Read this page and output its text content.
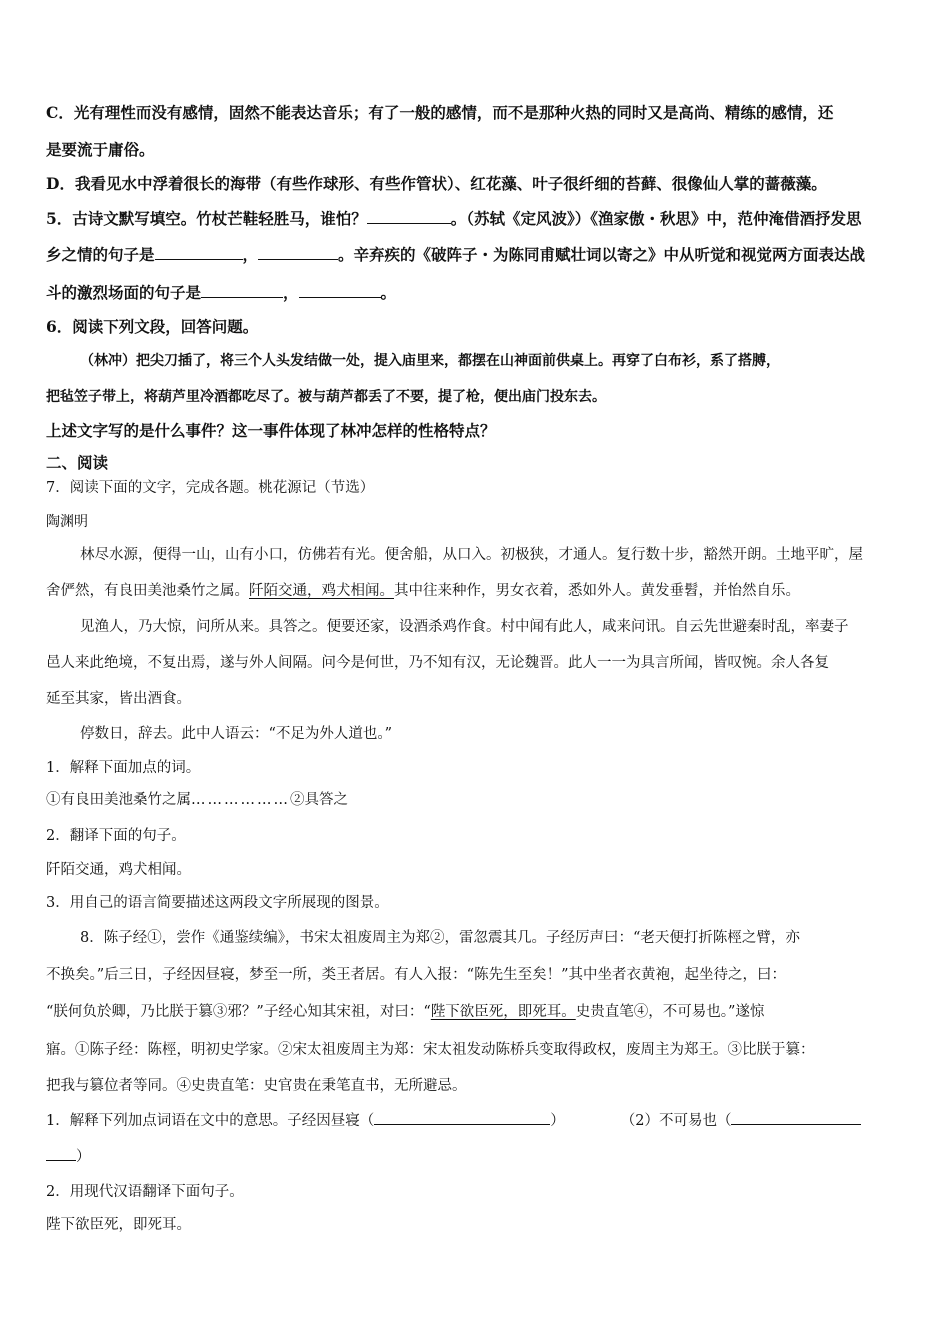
C．光有理性而没有感情，固然不能表达音乐；有了一般的感情，而不是那种火热的同时又是高尚、精练的感情，还
是要流于庸俗。
D．我看见水中浮着很长的海带（有些作球形、有些作管状）、红花藻、叶子很纤细的苔藓、很像仙人掌的蔷薇藻。
5．古诗文默写填空。竹杖芒鞋轻胜马，谁怕？	。（苏轼《定风波》）《渔家傲・秋思》中，范仲淹借酒抒发思
乡之情的句子是	，	。辛弃疾的《破阵子・为陈同甫赋壮词以寄之》中从听觉和视觉两方面表达战
斗的激烈场面的句子是	，	。
6．阅读下列文段，回答问题。
（林冲）把尖刀插了，将三个人头发结做一处，提入庙里来，都摆在山神面前供桌上。再穿了白布衫，系了搭膊，
把毡笠子带上，将葫芦里冷酒都吃尽了。被与葫芦都丢了不要，提了枪，便出庙门投东去。
上述文字写的是什么事件？这一事件体现了林冲怎样的性格特点？
二、阅读
7．阅读下面的文字，完成各题。桃花源记（节选）
陶渊明
林尽水源，便得一山，山有小口，仿佛若有光。便舍船，从口入。初极狭，才通人。复行数十步，豁然开朗。土地平旷，屋
舍俨然，有良田美池桑竹之属。阡陌交通，鸡犬相闻。其中往来种作，男女衣着，悉如外人。黄发垂髫，并怡然自乐。
见渔人，乃大惊，问所从来。具答之。便要还家，设酒杀鸡作食。村中闻有此人，咸来问讯。自云先世避秦时乱，率妻子
邑人来此绝境，不复出焉，遂与外人间隔。问今是何世，乃不知有汉，无论魏晋。此人一一为具言所闻，皆叹惋。余人各复
延至其家，皆出酒食。
停数日，辞去。此中人语云：“不足为外人道也。”
1．解释下面加点的词。
①有良田美池桑竹之属………………②具答之
2．翻译下面的句子。
阡陌交通，鸡犬相闻。
3．用自己的语言简要描述这两段文字所展现的图景。
8．陈子经①，尝作《通鉴续编》，书宋太祖废周主为郑②，雷忽震其几。子经厉声曰：“老天便打折陈桱之臂，亦
不换矣。”后三日，子经因昼寝，梦至一所，类王者居。有人入报：“陈先生至矣！”其中坐者衣黄袍，起坐待之，曰：
“朕何负於卿，乃比朕于篡③邪？”子经心知其宋祖，对曰：“陛下欲臣死，即死耳。史贵直笔④，不可易也。”遂惊
寤。①陈子经：陈桱，明初史学家。②宋太祖废周主为郑：宋太祖发动陈桥兵变取得政权，废周主为郑王。③比朕于篡：
把我与篡位者等同。④史贵直笔：史官贵在秉笔直书，无所避忌。
1．解释下列加点词语在文中的意思。子经因昼寝（	）	（2）不可易也（
）
2．用现代汉语翻译下面句子。
陛下欲臣死，即死耳。
